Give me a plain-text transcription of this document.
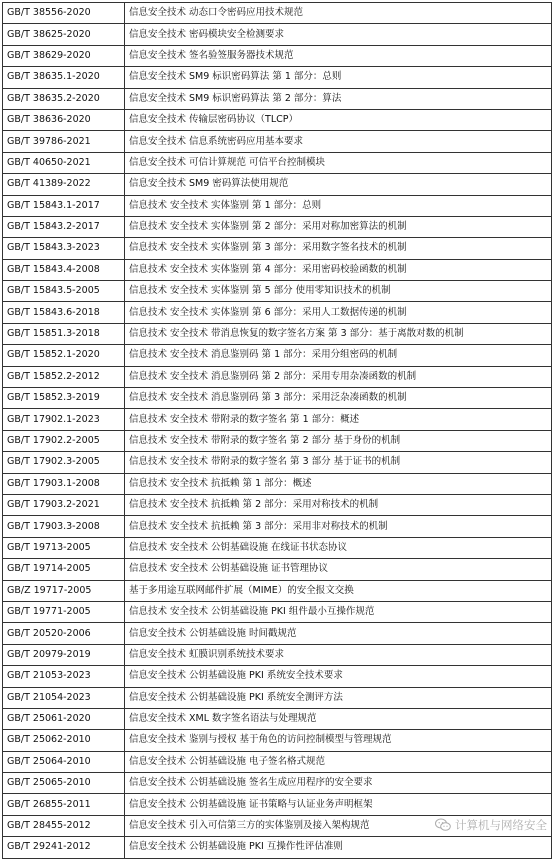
GB/T 38556-2020	信息安全技术 动态口令密码应用技术规范
GB/T 38625-2020	信息安全技术 密码模块安全检测要求
GB/T 38629-2020	信息安全技术 签名验签服务器技术规范
GB/T 38635.1-2020	信息安全技术 SM9 标识密码算法 第 1 部分：总则
GB/T 38635.2-2020	信息安全技术 SM9 标识密码算法 第 2 部分：算法
GB/T 38636-2020	信息安全技术 传输层密码协议（TLCP）
GB/T 39786-2021	信息安全技术 信息系统密码应用基本要求
GB/T 40650-2021	信息安全技术 可信计算规范 可信平台控制模块
GB/T 41389-2022	信息安全技术 SM9 密码算法使用规范
GB/T 15843.1-2017	信息技术 安全技术 实体鉴别 第 1 部分：总则
GB/T 15843.2-2017	信息技术 安全技术 实体鉴别 第 2 部分：采用对称加密算法的机制
GB/T 15843.3-2023	信息技术 安全技术 实体鉴别 第 3 部分：采用数字签名技术的机制
GB/T 15843.4-2008	信息技术 安全技术 实体鉴别 第 4 部分：采用密码校验函数的机制
GB/T 15843.5-2005	信息技术 安全技术 实体鉴别 第 5 部分 使用零知识技术的机制
GB/T 15843.6-2018	信息技术 安全技术 实体鉴别 第 6 部分：采用人工数据传递的机制
GB/T 15851.3-2018	信息技术 安全技术 带消息恢复的数字签名方案 第 3 部分：基于离散对数的机制
GB/T 15852.1-2020	信息技术 安全技术 消息鉴别码 第 1 部分：采用分组密码的机制
GB/T 15852.2-2012	信息技术 安全技术 消息鉴别码 第 2 部分：采用专用杂凑函数的机制
GB/T 15852.3-2019	信息技术 安全技术 消息鉴别码 第 3 部分：采用泛杂凑函数的机制
GB/T 17902.1-2023	信息技术 安全技术 带附录的数字签名 第 1 部分：概述
GB/T 17902.2-2005	信息技术 安全技术 带附录的数字签名 第 2 部分 基于身份的机制
GB/T 17902.3-2005	信息技术 安全技术 带附录的数字签名 第 3 部分 基于证书的机制
GB/T 17903.1-2008	信息技术 安全技术 抗抵赖 第 1 部分：概述
GB/T 17903.2-2021	信息技术 安全技术 抗抵赖 第 2 部分：采用对称技术的机制
GB/T 17903.3-2008	信息技术 安全技术 抗抵赖 第 3 部分：采用非对称技术的机制
GB/T 19713-2005	信息技术 安全技术 公钥基础设施 在线证书状态协议
GB/T 19714-2005	信息技术 安全技术 公钥基础设施 证书管理协议
GB/Z 19717-2005	基于多用途互联网邮件扩展（MIME）的安全报文交换
GB/T 19771-2005	信息技术 安全技术 公钥基础设施 PKI 组件最小互操作规范
GB/T 20520-2006	信息安全技术 公钥基础设施 时间戳规范
GB/T 20979-2019	信息安全技术 虹膜识别系统技术要求
GB/T 21053-2023	信息安全技术 公钥基础设施 PKI 系统安全技术要求
GB/T 21054-2023	信息安全技术 公钥基础设施 PKI 系统安全测评方法
GB/T 25061-2020	信息安全技术 XML 数字签名语法与处理规范
GB/T 25062-2010	信息安全技术 鉴别与授权 基于角色的访问控制模型与管理规范
GB/T 25064-2010	信息安全技术 公钥基础设施 电子签名格式规范
GB/T 25065-2010	信息安全技术 公钥基础设施 签名生成应用程序的安全要求
GB/T 26855-2011	信息安全技术 公钥基础设施 证书策略与认证业务声明框架
GB/T 28455-2012	信息安全技术 引入可信第三方的实体鉴别及接入架构规范
GB/T 29241-2012	信息安全技术 公钥基础设施 PKI 互操作性评估准则
计算机与网络安全
